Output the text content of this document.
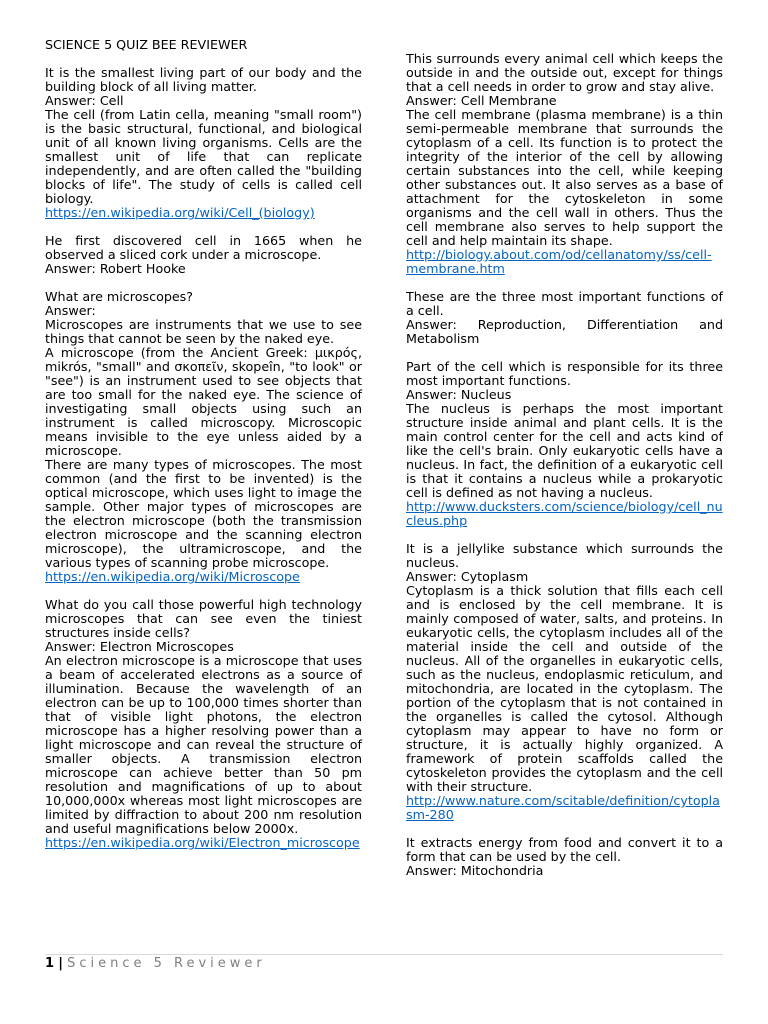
SCIENCE 5 QUIZ BEE REVIEWER

It is the smallest living part of our body and the building block of all living matter.

Answer: Cell

The cell (from Latin cella, meaning "small room") is the basic structural, functional, and biological unit of all known living organisms. Cells are the smallest unit of life that can replicate independently, and are often called the "building blocks of life". The study of cells is called cell biology.

https://en.wikipedia.org/wiki/Cell_(biology)

He first discovered cell in 1665 when he observed a sliced cork under a microscope.

Answer: Robert Hooke

What are microscopes?

Answer:

Microscopes are instruments that we use to see things that cannot be seen by the naked eye.

A microscope (from the Ancient Greek: μικρός, mikrós, "small" and σκοπεῖν, skopeîn, "to look" or "see") is an instrument used to see objects that are too small for the naked eye. The science of investigating small objects using such an instrument is called microscopy. Microscopic means invisible to the eye unless aided by a microscope.

There are many types of microscopes. The most common (and the first to be invented) is the optical microscope, which uses light to image the sample. Other major types of microscopes are the electron microscope (both the transmission electron microscope and the scanning electron microscope), the ultramicroscope, and the various types of scanning probe microscope.

https://en.wikipedia.org/wiki/Microscope

What do you call those powerful high technology microscopes that can see even the tiniest structures inside cells?

Answer: Electron Microscopes

An electron microscope is a microscope that uses a beam of accelerated electrons as a source of illumination. Because the wavelength of an electron can be up to 100,000 times shorter than that of visible light photons, the electron microscope has a higher resolving power than a light microscope and can reveal the structure of smaller objects. A transmission electron microscope can achieve better than 50 pm resolution and magnifications of up to about 10,000,000x whereas most light microscopes are limited by diffraction to about 200 nm resolution and useful magnifications below 2000x.

https://en.wikipedia.org/wiki/Electron_microscope

This surrounds every animal cell which keeps the outside in and the outside out, except for things that a cell needs in order to grow and stay alive.

Answer: Cell Membrane

The cell membrane (plasma membrane) is a thin semi-permeable membrane that surrounds the cytoplasm of a cell. Its function is to protect the integrity of the interior of the cell by allowing certain substances into the cell, while keeping other substances out. It also serves as a base of attachment for the cytoskeleton in some organisms and the cell wall in others. Thus the cell membrane also serves to help support the cell and help maintain its shape.

http://biology.about.com/od/cellanatomy/ss/cell-membrane.htm

These are the three most important functions of a cell.

Answer: Reproduction, Differentiation and Metabolism

Part of the cell which is responsible for its three most important functions.

Answer: Nucleus

The nucleus is perhaps the most important structure inside animal and plant cells. It is the main control center for the cell and acts kind of like the cell's brain. Only eukaryotic cells have a nucleus. In fact, the definition of a eukaryotic cell is that it contains a nucleus while a prokaryotic cell is defined as not having a nucleus.

http://www.ducksters.com/science/biology/cell_nucleus.php

It is a jellylike substance which surrounds the nucleus.

Answer: Cytoplasm

Cytoplasm is a thick solution that fills each cell and is enclosed by the cell membrane. It is mainly composed of water, salts, and proteins. In eukaryotic cells, the cytoplasm includes all of the material inside the cell and outside of the nucleus. All of the organelles in eukaryotic cells, such as the nucleus, endoplasmic reticulum, and mitochondria, are located in the cytoplasm. The portion of the cytoplasm that is not contained in the organelles is called the cytosol. Although cytoplasm may appear to have no form or structure, it is actually highly organized. A framework of protein scaffolds called the cytoskeleton provides the cytoplasm and the cell with their structure.

http://www.nature.com/scitable/definition/cytoplasm-280

It extracts energy from food and convert it to a form that can be used by the cell.

Answer: Mitochondria

1 | Science 5 Reviewer
